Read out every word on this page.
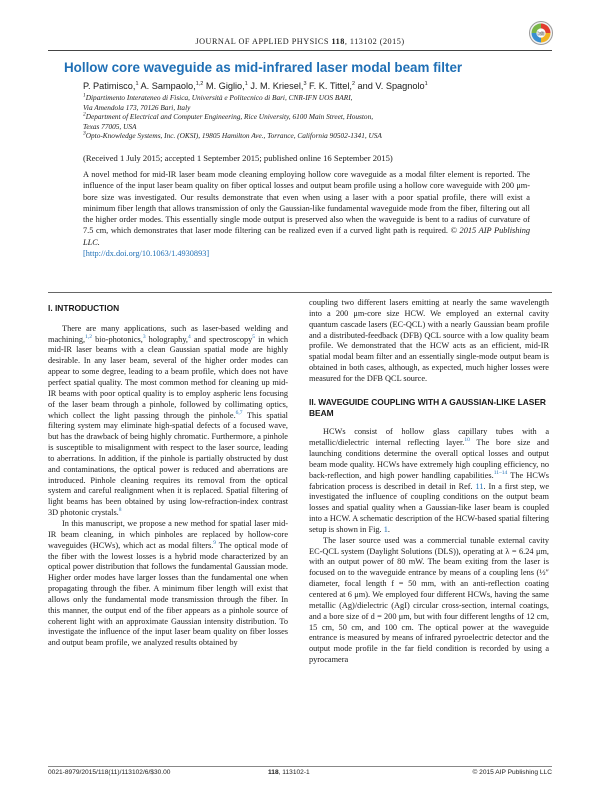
JOURNAL OF APPLIED PHYSICS 118, 113102 (2015)
CrossMark
Hollow core waveguide as mid-infrared laser modal beam filter
P. Patimisco,$^1$ A. Sampaolo,$^{1,2}$ M. Giglio,$^1$ J. M. Kriesel,$^3$ F. K. Tittel,$^2$ and V. Spagnolo$^1$
$^1$Dipartimento Interateneo di Fisica, Università e Politecnico di Bari, CNR-IFN UOS BARI,
Via Amendola 173, 70126 Bari, Italy
$^2$Department of Electrical and Computer Engineering, Rice University, 6100 Main Street, Houston,
Texas 77005, USA
$^3$Opto-Knowledge Systems, Inc. (OKSI), 19805 Hamilton Ave., Torrance, California 90502-1341, USA
(Received 1 July 2015; accepted 1 September 2015; published online 16 September 2015)
A novel method for mid-IR laser beam mode cleaning employing hollow core waveguide as a modal filter element is reported. The influence of the input laser beam quality on fiber optical losses and output beam profile using a hollow core waveguide with 200 μm-bore size was investigated. Our results demonstrate that even when using a laser with a poor spatial profile, there will exist a minimum fiber length that allows transmission of only the Gaussian-like fundamental waveguide mode from the fiber, filtering out all the higher order modes. This essentially single mode output is preserved also when the waveguide is bent to a radius of curvature of 7.5 cm, which demonstrates that laser mode filtering can be realized even if a curved light path is required. © 2015 AIP Publishing LLC.
[http://dx.doi.org/10.1063/1.4930893]
I. INTRODUCTION

There are many applications, such as laser-based welding and machining,$^{1,2}$ bio-photonics,$^3$ holography,$^4$ and spectroscopy$^5$ in which mid-IR laser beams with a clean Gaussian spatial mode are highly desirable. In any laser beam, several of the higher order modes can appear to some degree, leading to a beam profile, which does not have perfect spatial quality. The most common method for cleaning up mid-IR beams with poor optical quality is to employ aspheric lens focusing of the laser beam through a pinhole, followed by collimating optics, which collect the light passing through the pinhole.$^{6,7}$ This spatial filtering system may eliminate high-spatial defects of a focused wave, but has the drawback of being highly chromatic. Furthermore, a pinhole is susceptible to misalignment with respect to the laser source, leading to aberrations. In addition, if the pinhole is partially obstructed by dust and contaminations, the optical power is reduced and aberrations are introduced. Pinhole cleaning requires its removal from the optical system and careful realignment when it is replaced. Spatial filtering of light beams has been obtained by using low-refraction-index contrast 3D photonic crystals.$^8$

In this manuscript, we propose a new method for spatial laser mid-IR beam cleaning, in which pinholes are replaced by hollow-core waveguides (HCWs), which act as modal filters.$^9$ The optical mode of the fiber with the lowest losses is a hybrid mode characterized by an optical power distribution that follows the fundamental Gaussian mode. Higher order modes have larger losses than the fundamental one when propagating through the fiber. A minimum fiber length will exist that allows only the fundamental mode transmission through the fiber. In this manner, the output end of the fiber appears as a pinhole source of coherent light with an approximate Gaussian intensity distribution. To investigate the influence of the input laser beam quality on fiber losses and output beam profile, we analyzed results obtained by

coupling two different lasers emitting at nearly the same wavelength into a 200 μm-core size HCW. We employed an external cavity quantum cascade lasers (EC-QCL) with a nearly Gaussian beam profile and a distributed-feedback (DFB) QCL source with a low quality beam profile. We demonstrated that the HCW acts as an efficient, mid-IR spatial modal beam filter and an essentially single-mode output beam is obtained in both cases, although, as expected, much higher losses were measured for the DFB QCL source.

II. WAVEGUIDE COUPLING WITH A GAUSSIAN-LIKE LASER BEAM

HCWs consist of hollow glass capillary tubes with a metallic/dielectric internal reflecting layer.$^{10}$ The bore size and launching conditions determine the overall optical losses and output beam mode quality. HCWs have extremely high coupling efficiency, no back-reflection, and high power handling capabilities.$^{11-14}$ The HCWs fabrication process is described in detail in Ref. 11. In a first step, we investigated the influence of coupling conditions on the output beam losses and spatial quality when a Gaussian-like laser beam is coupled into a HCW. A schematic description of the HCW-based spatial filtering setup is shown in Fig. 1.

The laser source used was a commercial tunable external cavity EC-QCL system (Daylight Solutions (DLS)), operating at λ = 6.24 μm, with an output power of 80 mW. The beam exiting from the laser is focused on to the waveguide entrance by means of a coupling lens (½″ diameter, focal length f = 50 mm, with an anti-reflection coating centered at 6 μm). We employed four different HCWs, having the same metallic (Ag)/dielectric (AgI) circular cross-section, internal coatings, and a bore size of d = 200 μm, but with four different lengths of 12 cm, 15 cm, 50 cm, and 100 cm. The optical power at the waveguide entrance is measured by means of infrared pyroelectric detector and the output mode profile in the far field condition is recorded by using a pyrocamera

0021-8979/2015/118(11)/113102/6/$30.00	118, 113102-1	© 2015 AIP Publishing LLC
